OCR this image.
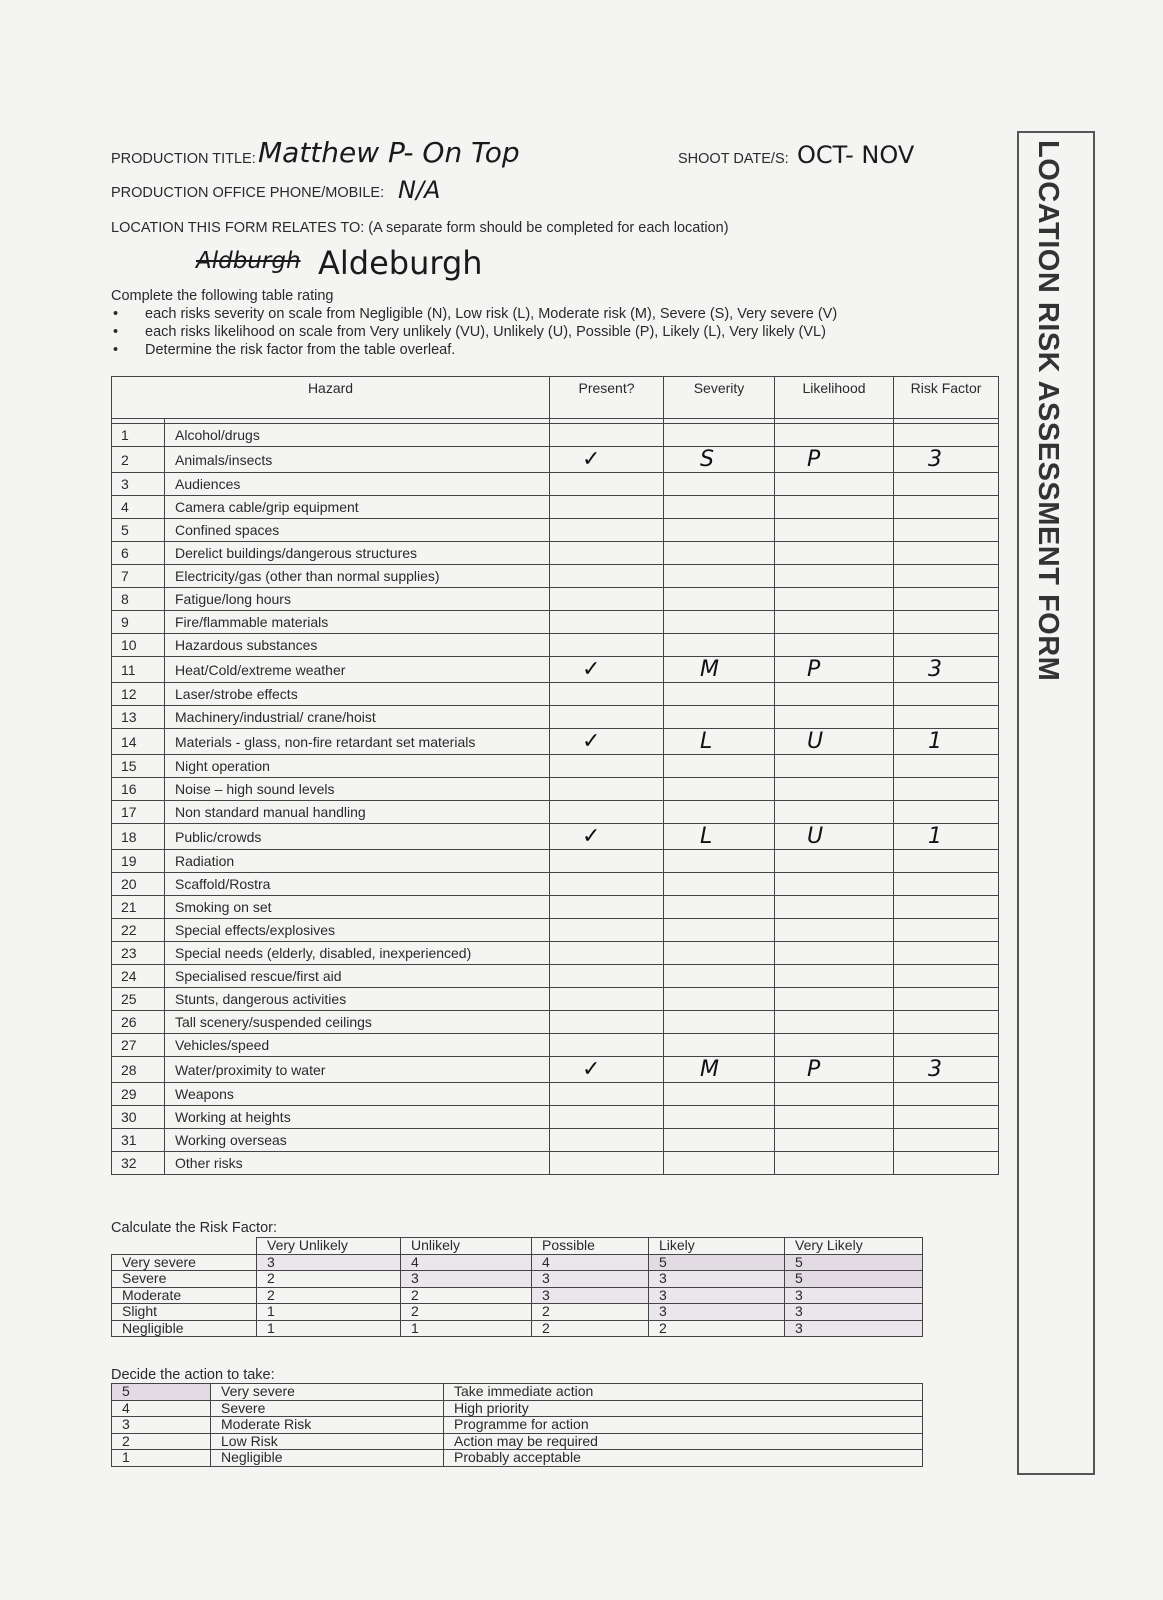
PRODUCTION TITLE: Matthew P- On Top	SHOOT DATE/S: OCT- NOV
PRODUCTION OFFICE PHONE/MOBILE: N/A
LOCATION THIS FORM RELATES TO: (A separate form should be completed for each location)
Aldburgh Aldeburgh
Complete the following table rating
• each risks severity on scale from Negligible (N), Low risk (L), Moderate risk (M), Severe (S), Very severe (V)
• each risks likelihood on scale from Very unlikely (VU), Unlikely (U), Possible (P), Likely (L), Very likely (VL)
• Determine the risk factor from the table overleaf.
Hazard		Present?	Severity	Likelihood	Risk Factor

1	Alcohol/drugs				
2	Animals/insects	✓	S	P	3
3	Audiences				
4	Camera cable/grip equipment				
5	Confined spaces				
6	Derelict buildings/dangerous structures				
7	Electricity/gas (other than normal supplies)				
8	Fatigue/long hours				
9	Fire/flammable materials				
10	Hazardous substances				
11	Heat/Cold/extreme weather	✓	M	P	3
12	Laser/strobe effects				
13	Machinery/industrial/ crane/hoist				
14	Materials - glass, non-fire retardant set materials	✓	L	U	1
15	Night operation				
16	Noise – high sound levels				
17	Non standard manual handling				
18	Public/crowds	✓	L	U	1
19	Radiation				
20	Scaffold/Rostra				
21	Smoking on set				
22	Special effects/explosives				
23	Special needs (elderly, disabled, inexperienced)				
24	Specialised rescue/first aid				
25	Stunts, dangerous activities				
26	Tall scenery/suspended ceilings				
27	Vehicles/speed				
28	Water/proximity to water	✓	M	P	3
29	Weapons				
30	Working at heights				
31	Working overseas				
32	Other risks				
Calculate the Risk Factor:
	Very Unlikely	Unlikely	Possible	Likely	Very Likely
Very severe	3	4	4	5	5
Severe	2	3	3	3	5
Moderate	2	2	3	3	3
Slight	1	2	2	3	3
Negligible	1	1	2	2	3
Decide the action to take:
5	Very severe	Take immediate action
4	Severe	High priority
3	Moderate Risk	Programme for action
2	Low Risk	Action may be required
1	Negligible	Probably acceptable
LOCATION RISK ASSESSMENT FORM
